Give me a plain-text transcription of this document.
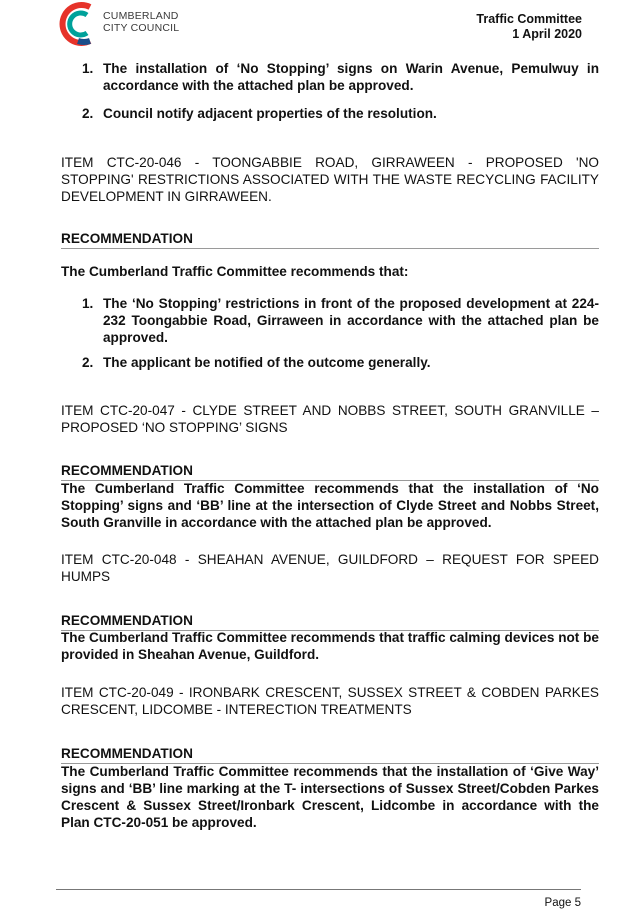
CUMBERLAND
CITY COUNCIL
Traffic Committee
1 April 2020
1. The installation of ‘No Stopping’ signs on Warin Avenue, Pemulwuy in accordance with the attached plan be approved.
2. Council notify adjacent properties of the resolution.
ITEM CTC-20-046 - TOONGABBIE ROAD, GIRRAWEEN - PROPOSED 'NO STOPPING' RESTRICTIONS ASSOCIATED WITH THE WASTE RECYCLING FACILITY DEVELOPMENT IN GIRRAWEEN.
RECOMMENDATION
The Cumberland Traffic Committee recommends that:
1. The ‘No Stopping’ restrictions in front of the proposed development at 224-232 Toongabbie Road, Girraween in accordance with the attached plan be approved.
2. The applicant be notified of the outcome generally.
ITEM CTC-20-047 - CLYDE STREET AND NOBBS STREET, SOUTH GRANVILLE – PROPOSED ‘NO STOPPING’ SIGNS
RECOMMENDATION
The Cumberland Traffic Committee recommends that the installation of ‘No Stopping’ signs and ‘BB’ line at the intersection of Clyde Street and Nobbs Street, South Granville in accordance with the attached plan be approved.
ITEM CTC-20-048 - SHEAHAN AVENUE, GUILDFORD – REQUEST FOR SPEED HUMPS
RECOMMENDATION
The Cumberland Traffic Committee recommends that traffic calming devices not be provided in Sheahan Avenue, Guildford.
ITEM CTC-20-049 - IRONBARK CRESCENT, SUSSEX STREET & COBDEN PARKES CRESCENT, LIDCOMBE - INTERECTION TREATMENTS
RECOMMENDATION
The Cumberland Traffic Committee recommends that the installation of ‘Give Way’ signs and ‘BB’ line marking at the T- intersections of Sussex Street/Cobden Parkes Crescent & Sussex Street/Ironbark Crescent, Lidcombe in accordance with the Plan CTC-20-051 be approved.
Page 5
